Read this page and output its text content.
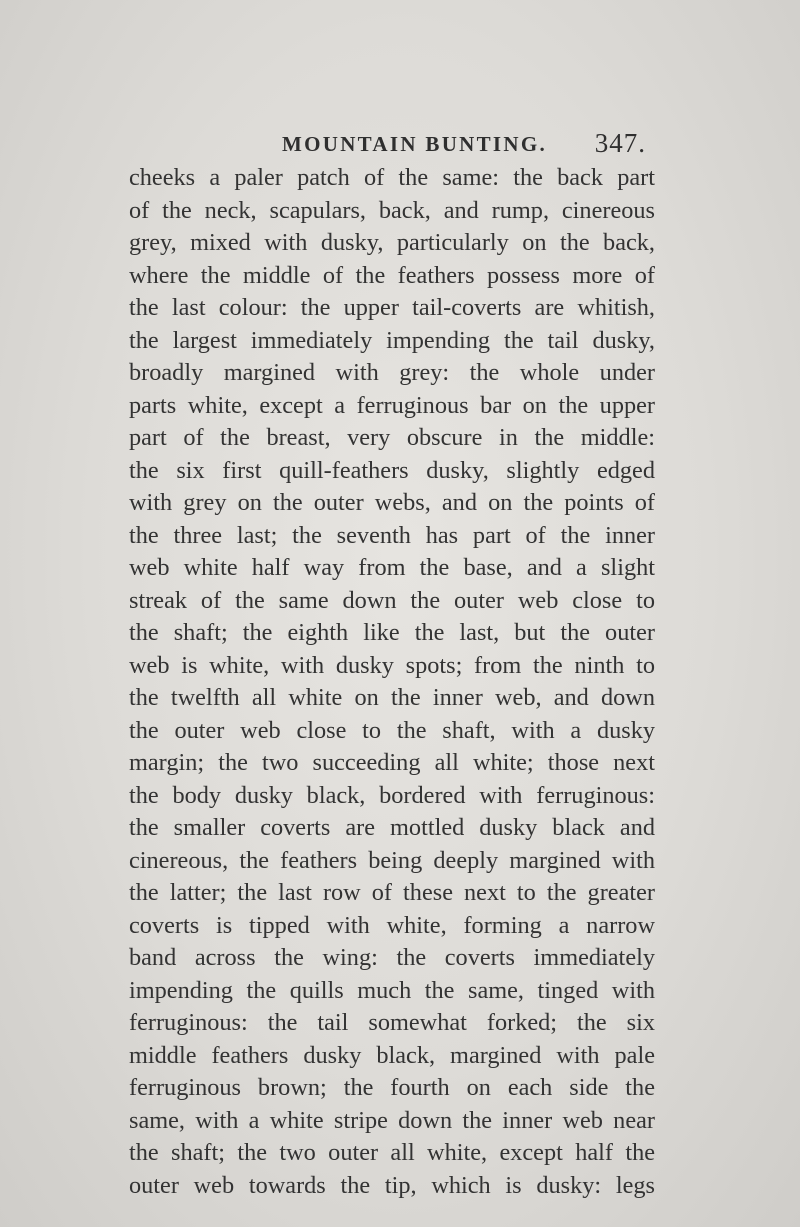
MOUNTAIN BUNTING. 347.
cheeks a paler patch of the same: the back part
of the neck, scapulars, back, and rump, cinereous
grey, mixed with dusky, particularly on the back,
where the middle of the feathers possess more of
the last colour: the upper tail-coverts are whitish,
the largest immediately impending the tail dusky,
broadly margined with grey: the whole under
parts white, except a ferruginous bar on the upper
part of the breast, very obscure in the middle:
the six first quill-feathers dusky, slightly edged
with grey on the outer webs, and on the points of
the three last; the seventh has part of the inner
web white half way from the base, and a slight
streak of the same down the outer web close to
the shaft; the eighth like the last, but the outer
web is white, with dusky spots; from the ninth to
the twelfth all white on the inner web, and down
the outer web close to the shaft, with a dusky
margin; the two succeeding all white; those next
the body dusky black, bordered with ferruginous:
the smaller coverts are mottled dusky black and
cinereous, the feathers being deeply margined with
the latter; the last row of these next to the greater
coverts is tipped with white, forming a narrow
band across the wing: the coverts immediately
impending the quills much the same, tinged with
ferruginous: the tail somewhat forked; the six
middle feathers dusky black, margined with pale
ferruginous brown; the fourth on each side the
same, with a white stripe down the inner web near
the shaft; the two outer all white, except half the
outer web towards the tip, which is dusky: legs
